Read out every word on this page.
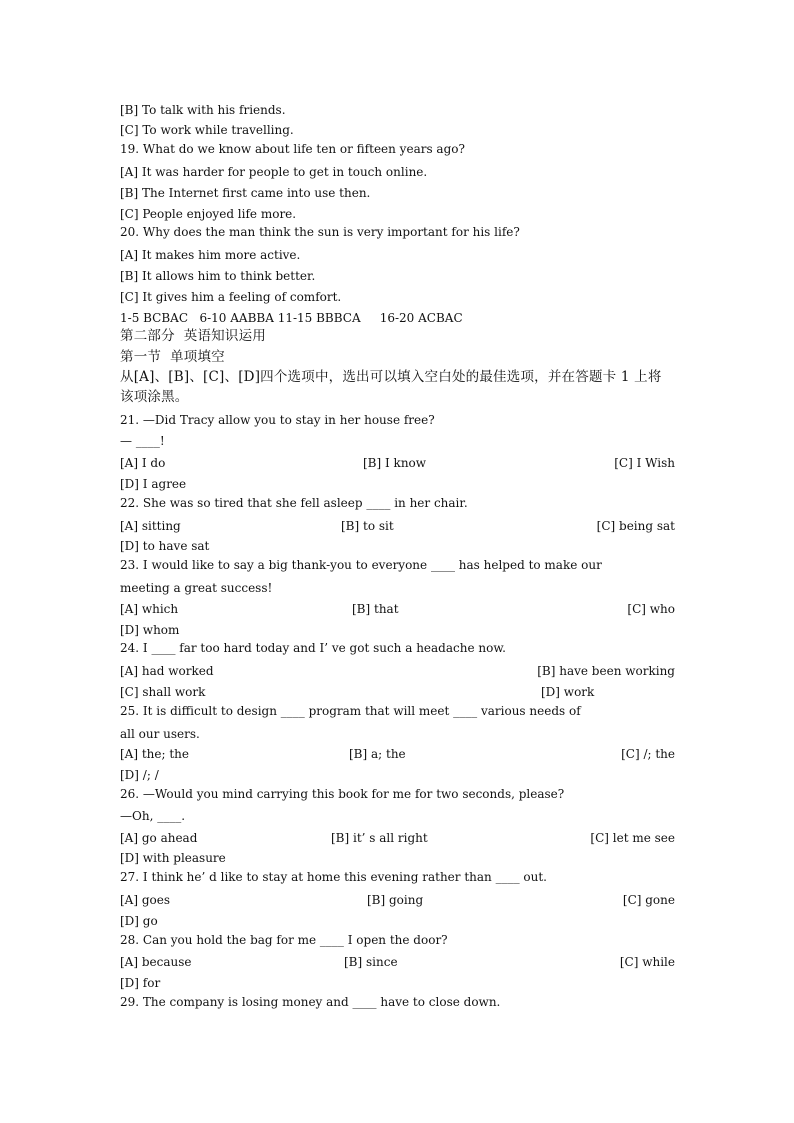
[B] To talk with his friends.
[C] To work while travelling.
19. What do we know about life ten or fifteen years ago?
[A] It was harder for people to get in touch online.
[B] The Internet first came into use then.
[C] People enjoyed life more.
20. Why does the man think the sun is very important for his life?
[A] It makes him more active.
[B] It allows him to think better.
[C] It gives him a feeling of comfort.
1-5 BCBAC   6-10 AABBA 11-15 BBBCA     16-20 ACBAC
第二部分  英语知识运用
第一节  单项填空
从[A]、[B]、[C]、[D]四个选项中，选出可以填入空白处的最佳选项，并在答题卡 1 上将
该项涂黑。
21. —Did Tracy allow you to stay in her house free?
— ____!
[A] I do	[B] I know	[C] I Wish
[D] I agree
22. She was so tired that she fell asleep ____ in her chair.
[A] sitting	[B] to sit	[C] being sat
[D] to have sat
23. I would like to say a big thank-you to everyone ____ has helped to make our
meeting a great success!
[A] which	[B] that	[C] who
[D] whom
24. I ____ far too hard today and I’ ve got such a headache now.
[A] had worked	[B] have been working
[C] shall work	[D] work
25. It is difficult to design ____ program that will meet ____ various needs of
all our users.
[A] the; the	[B] a; the	[C] /; the
[D] /; /
26. —Would you mind carrying this book for me for two seconds, please?
—Oh, ____.
[A] go ahead	[B] it’ s all right	[C] let me see
[D] with pleasure
27. I think he’ d like to stay at home this evening rather than ____ out.
[A] goes	[B] going	[C] gone
[D] go
28. Can you hold the bag for me ____ I open the door?
[A] because	[B] since	[C] while
[D] for
29. The company is losing money and ____ have to close down.
